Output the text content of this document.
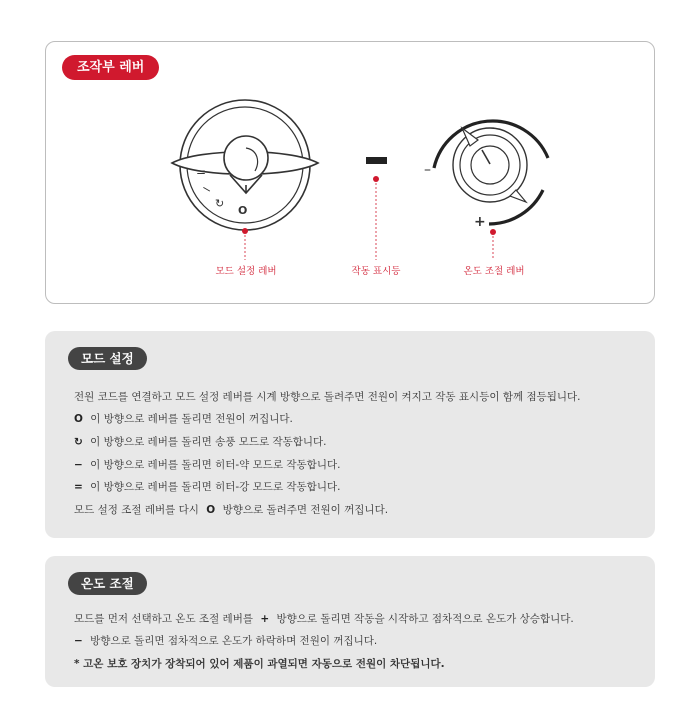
조작부 레버
=
−
↻
O
–
+
모드 설정 레버	작동 표시등	온도 조절 레버
모드 설정
전원 코드를 연결하고 모드 설정 레버를 시계 방향으로 돌려주면 전원이 켜지고 작동 표시등이 함께 점등됩니다.
O 이 방향으로 레버를 돌리면 전원이 꺼집니다.
↻ 이 방향으로 레버를 돌리면 송풍 모드로 작동합니다.
− 이 방향으로 레버를 돌리면 히터-약 모드로 작동합니다.
= 이 방향으로 레버를 돌리면 히터-강 모드로 작동합니다.
모드 설정 조절 레버를 다시 O 방향으로 돌려주면 전원이 꺼집니다.
온도 조절
모드를 먼저 선택하고 온도 조절 레버를 + 방향으로 돌리면 작동을 시작하고 점차적으로 온도가 상승합니다.
− 방향으로 돌리면 점차적으로 온도가 하락하며 전원이 꺼집니다.
* 고온 보호 장치가 장착되어 있어 제품이 과열되면 자동으로 전원이 차단됩니다.
